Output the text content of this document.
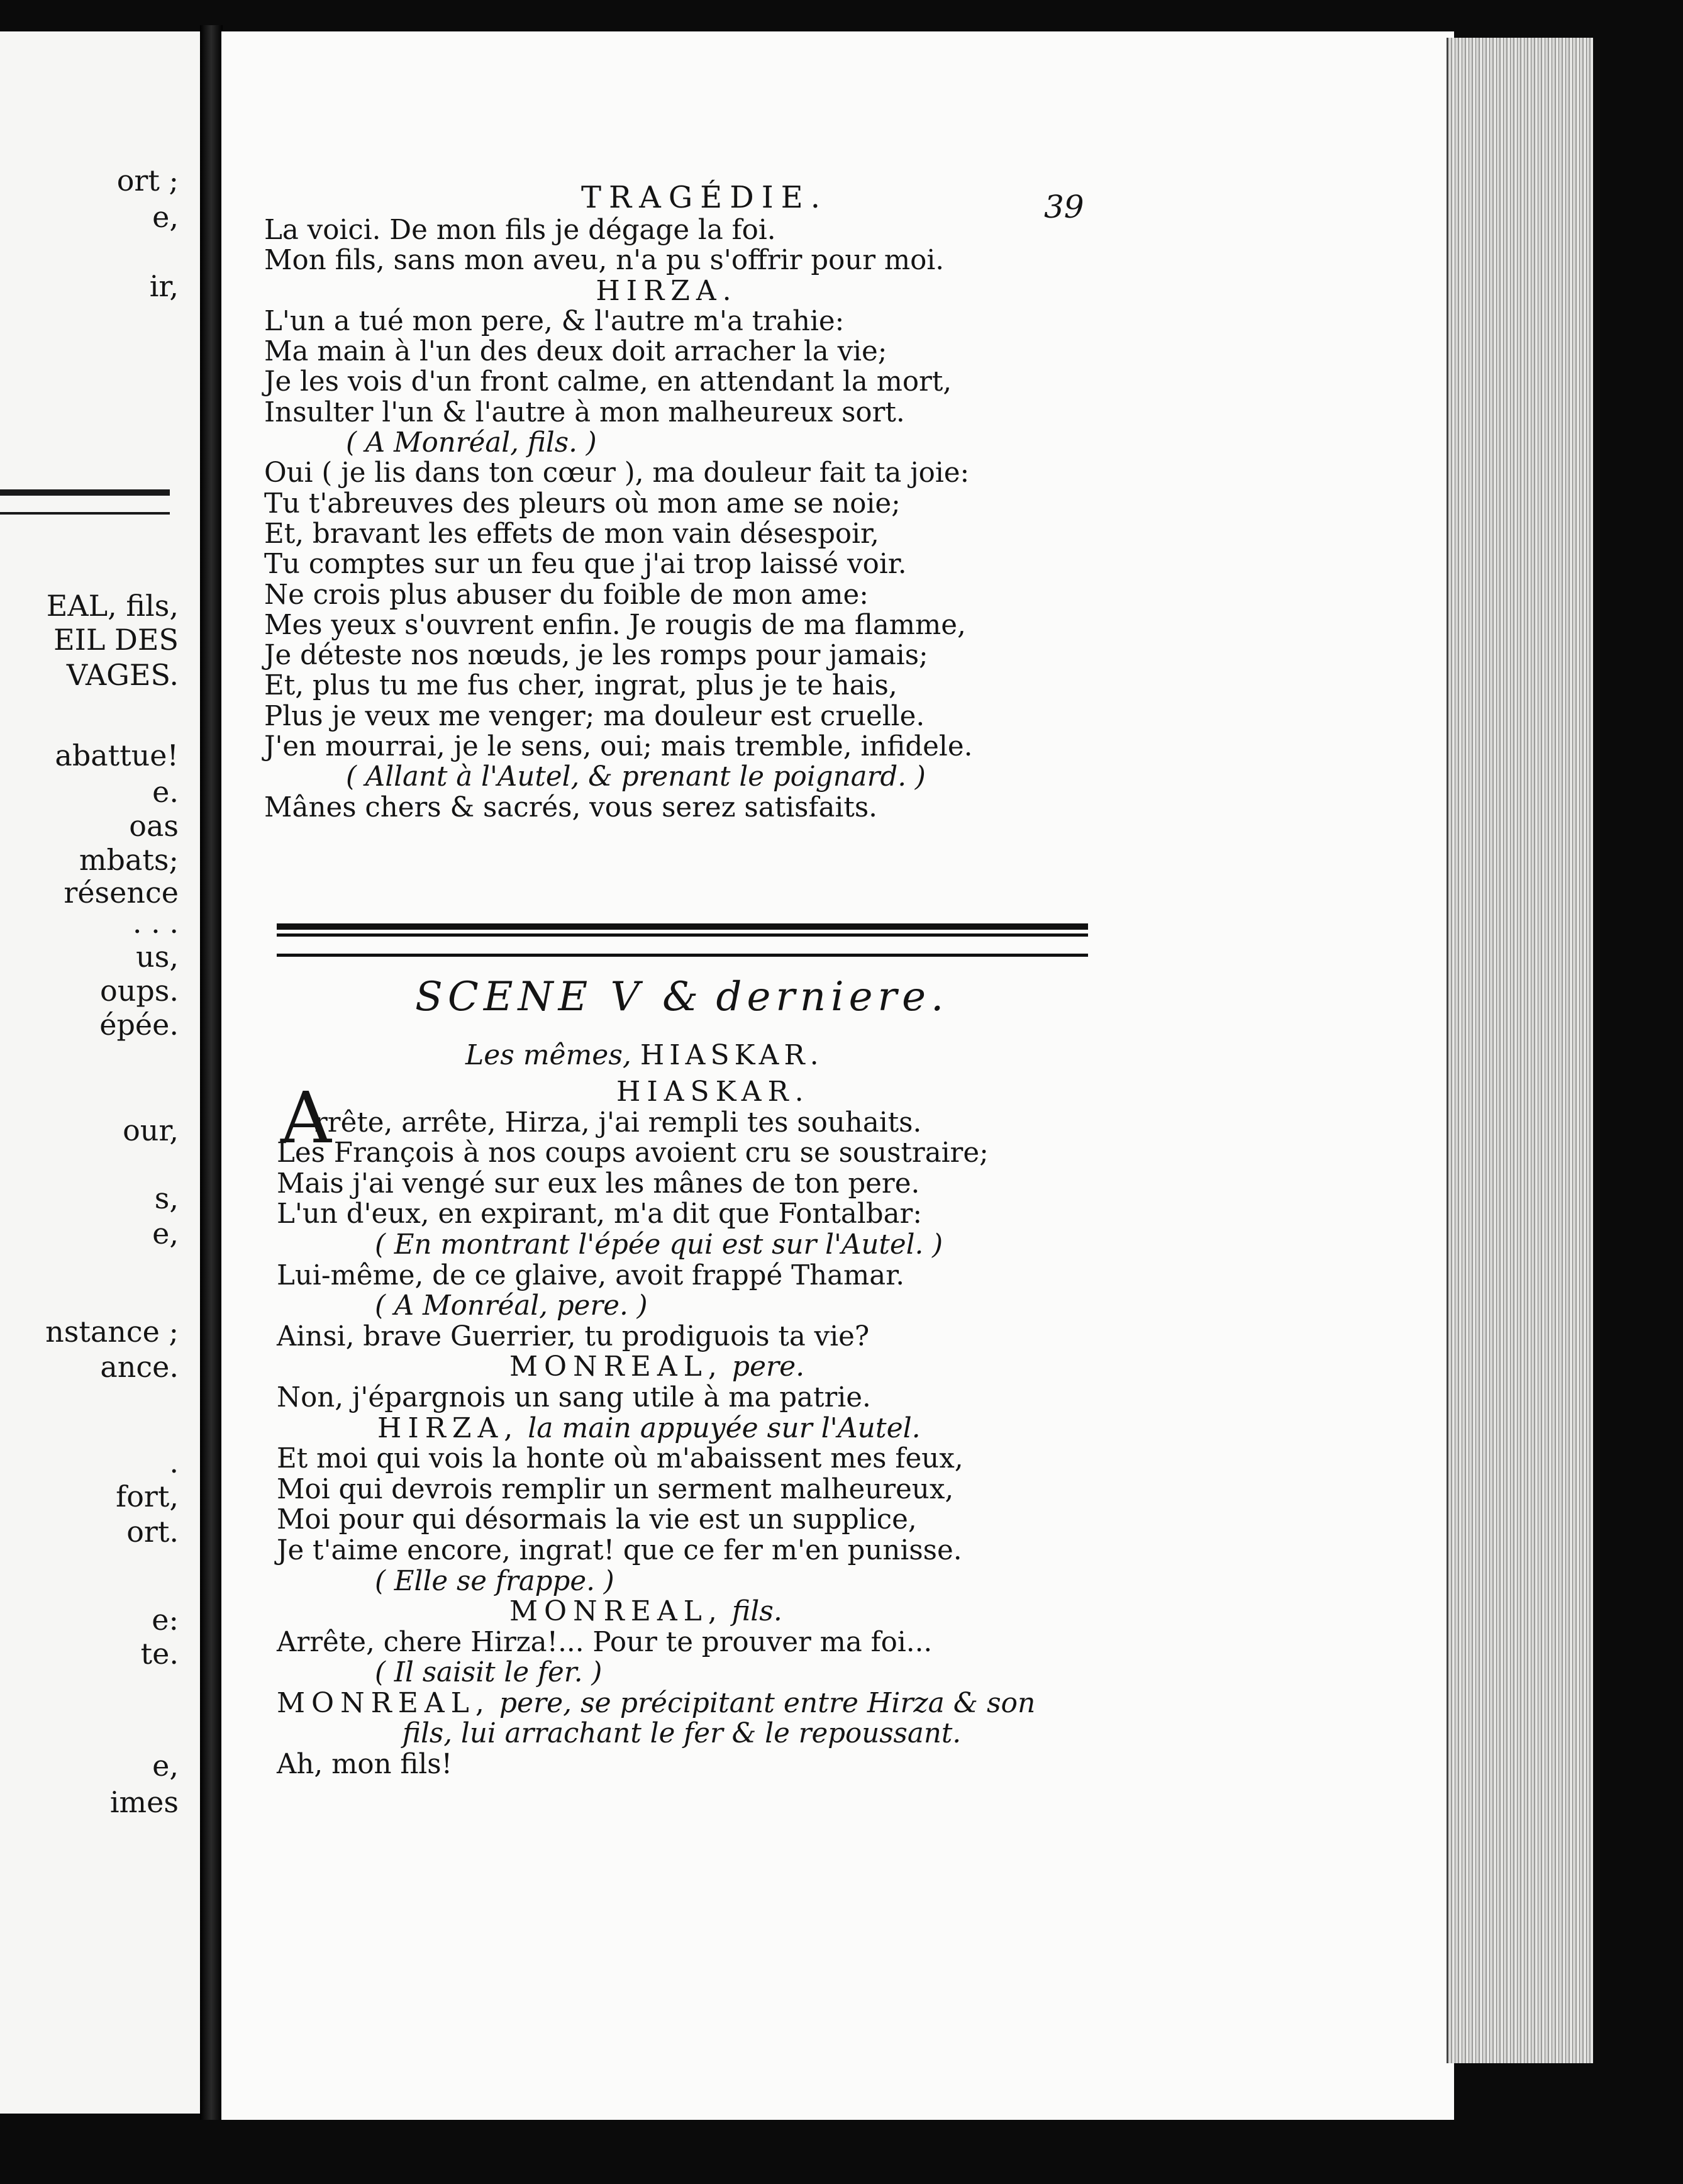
ort ;
e,
ir,
EAL, fils,
EIL DES
VAGES.
abattue!
e.
oas
mbats;
résence
. . .
us,
oups.
épée.
our,
s,
e,
nstance ;
ance.
.
fort,
ort.
e:
te.
e,
imes
TRAGÉDIE.	39
La voici. De mon fils je dégage la foi.
Mon fils, sans mon aveu, n'a pu s'offrir pour moi.
HIRZA.
L'un a tué mon pere, & l'autre m'a trahie:
Ma main à l'un des deux doit arracher la vie;
Je les vois d'un front calme, en attendant la mort,
Insulter l'un & l'autre à mon malheureux sort.
( A Monréal, fils. )
Oui ( je lis dans ton cœur ), ma douleur fait ta joie:
Tu t'abreuves des pleurs où mon ame se noie;
Et, bravant les effets de mon vain désespoir,
Tu comptes sur un feu que j'ai trop laissé voir.
Ne crois plus abuser du foible de mon ame:
Mes yeux s'ouvrent enfin. Je rougis de ma flamme,
Je déteste nos nœuds, je les romps pour jamais;
Et, plus tu me fus cher, ingrat, plus je te hais,
Plus je veux me venger; ma douleur est cruelle.
J'en mourrai, je le sens, oui; mais tremble, infidele.
( Allant à l'Autel, & prenant le poignard. )
Mânes chers & sacrés, vous serez satisfaits.
SCENE V & derniere.
Les mêmes, HIASKAR.
A	HIASKAR.
rrête, arrête, Hirza, j'ai rempli tes souhaits.
Les François à nos coups avoient cru se soustraire;
Mais j'ai vengé sur eux les mânes de ton pere.
L'un d'eux, en expirant, m'a dit que Fontalbar:
( En montrant l'épée qui est sur l'Autel. )
Lui-même, de ce glaive, avoit frappé Thamar.
( A Monréal, pere. )
Ainsi, brave Guerrier, tu prodiguois ta vie?
MONREAL, pere.
Non, j'épargnois un sang utile à ma patrie.
HIRZA, la main appuyée sur l'Autel.
Et moi qui vois la honte où m'abaissent mes feux,
Moi qui devrois remplir un serment malheureux,
Moi pour qui désormais la vie est un supplice,
Je t'aime encore, ingrat! que ce fer m'en punisse.
( Elle se frappe. )
MONREAL, fils.
Arrête, chere Hirza!... Pour te prouver ma foi...
( Il saisit le fer. )
MONREAL, pere, se précipitant entre Hirza & son
fils, lui arrachant le fer & le repoussant.
Ah, mon fils!
